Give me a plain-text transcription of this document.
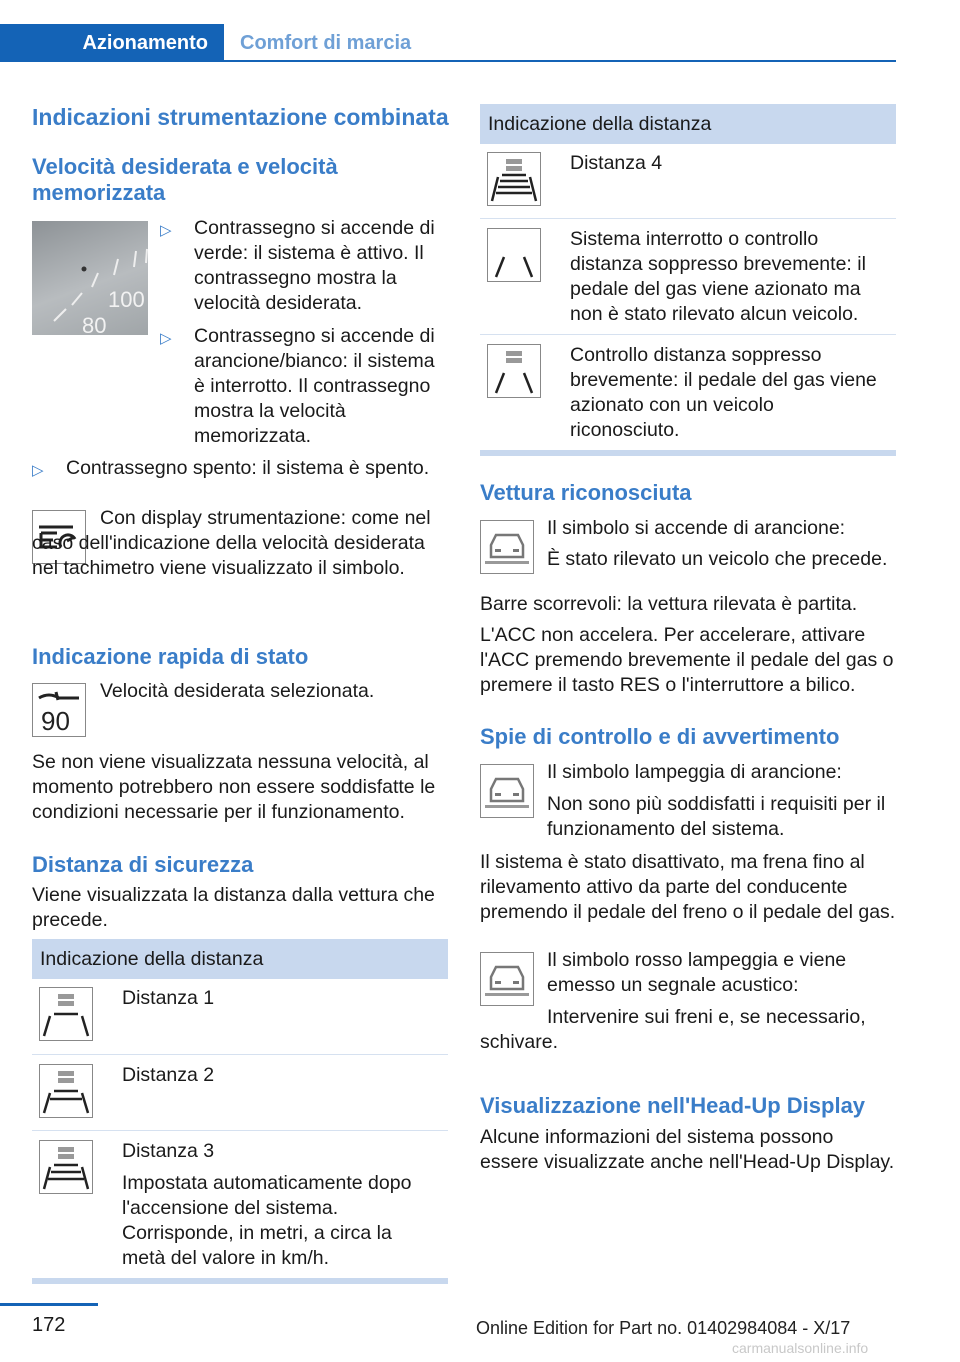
Azionamento	Comfort di marcia
Indicazioni strumentazione combinata
Velocità desiderata e velocità
memorizzata
100
80
▷	Contrassegno si accende di verde: il sistema è attivo. Il contrassegno mostra la velocità desiderata.
▷	Contrassegno si accende di arancione/bianco: il sistema è interrotto. Il contrassegno mostra la velocità memorizzata.
▷	Contrassegno spento: il sistema è spento.

Con display strumentazione: come nel caso dell'indicazione della velocità desiderata nel tachimetro viene visualizzato il simbolo.

Indicazione rapida di stato
90

Velocità desiderata selezionata.

Se non viene visualizzata nessuna velocità, al momento potrebbero non essere soddisfatte le condizioni necessarie per il funzionamento.

Distanza di sicurezza

Viene visualizzata la distanza dalla vettura che precede.

Indicazione della distanza

Distanza 1

Distanza 2

Distanza 3

Impostata automaticamente dopo l'accensione del sistema. Corrisponde, in metri, a circa la metà del valore in km/h.

Indicazione della distanza

Distanza 4

Sistema interrotto o controllo distanza soppresso brevemente: il pedale del gas viene azionato ma non è stato rilevato alcun veicolo.

Controllo distanza soppresso brevemente: il pedale del gas viene azionato con un veicolo riconosciuto.

Vettura riconosciuta

Il simbolo si accende di arancione:

È stato rilevato un veicolo che precede.

Barre scorrevoli: la vettura rilevata è partita.

L'ACC non accelera. Per accelerare, attivare l'ACC premendo brevemente il pedale del gas o premere il tasto RES o l'interruttore a bilico.

Spie di controllo e di avvertimento

Il simbolo lampeggia di arancione:

Non sono più soddisfatti i requisiti per il funzionamento del sistema.

Il sistema è stato disattivato, ma frena fino al rilevamento attivo da parte del conducente premendo il pedale del freno o il pedale del gas.

Il simbolo rosso lampeggia e viene emesso un segnale acustico:

Intervenire sui freni e, se necessario, schivare.

Visualizzazione nell'Head-Up Display

Alcune informazioni del sistema possono essere visualizzate anche nell'Head-Up Display.

172	Online Edition for Part no. 01402984084 - X/17
carmanualsonline.info
